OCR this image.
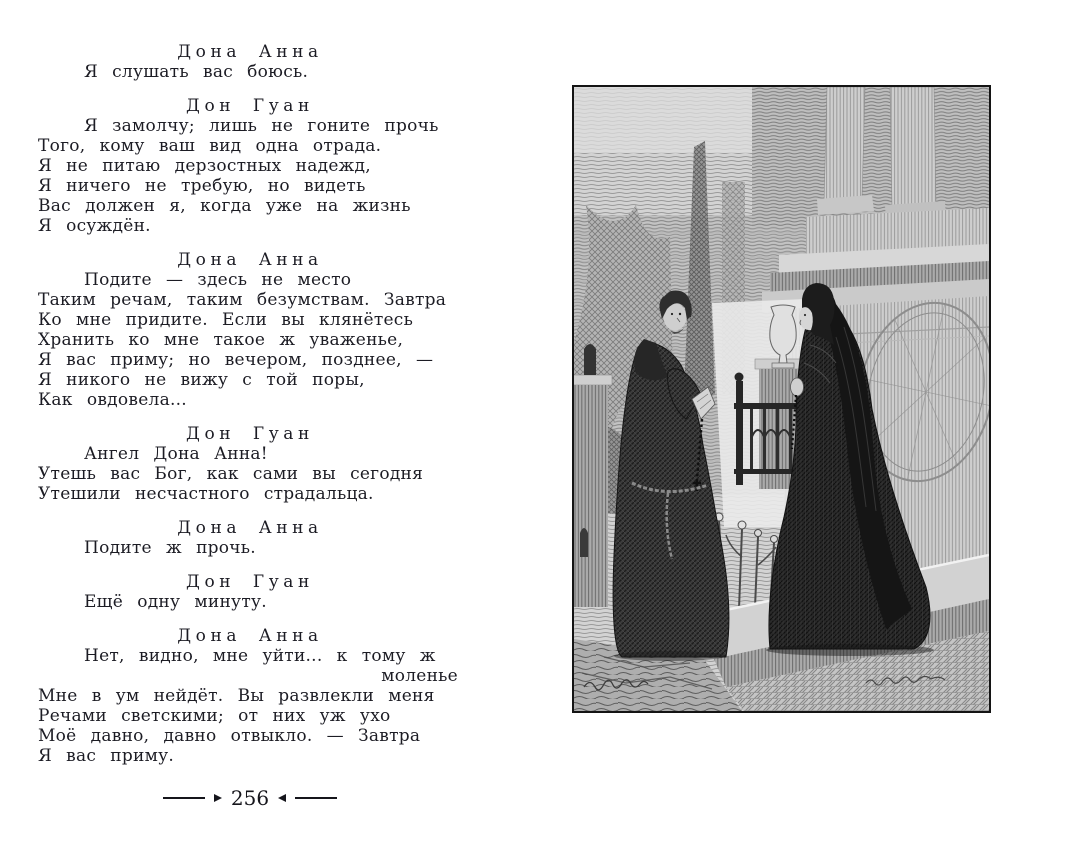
Дона Анна
Я слушать вас боюсь.
Дон Гуан
Я замолчу; лишь не гоните прочь
Того, кому ваш вид одна отрада.
Я не питаю дерзостных надежд,
Я ничего не требую, но видеть
Вас должен я, когда уже на жизнь
Я осуждён.
Дона Анна
Подите — здесь не место
Таким речам, таким безумствам. Завтра
Ко мне придите. Если вы клянётесь
Хранить ко мне такое ж уваженье,
Я вас приму; но вечером, позднее, —
Я никого не вижу с той поры,
Как овдовела...
Дон Гуан
Ангел Дона Анна!
Утешь вас Бог, как сами вы сегодня
Утешили несчастного страдальца.
Дона Анна
Подите ж прочь.
Дон Гуан
Ещё одну минуту.
Дона Анна
Нет, видно, мне уйти... к тому ж
моленье
Мне в ум нейдёт. Вы развлекли меня
Речами светскими; от них уж ухо
Моё давно, давно отвыкло. — Завтра
Я вас приму.
256
